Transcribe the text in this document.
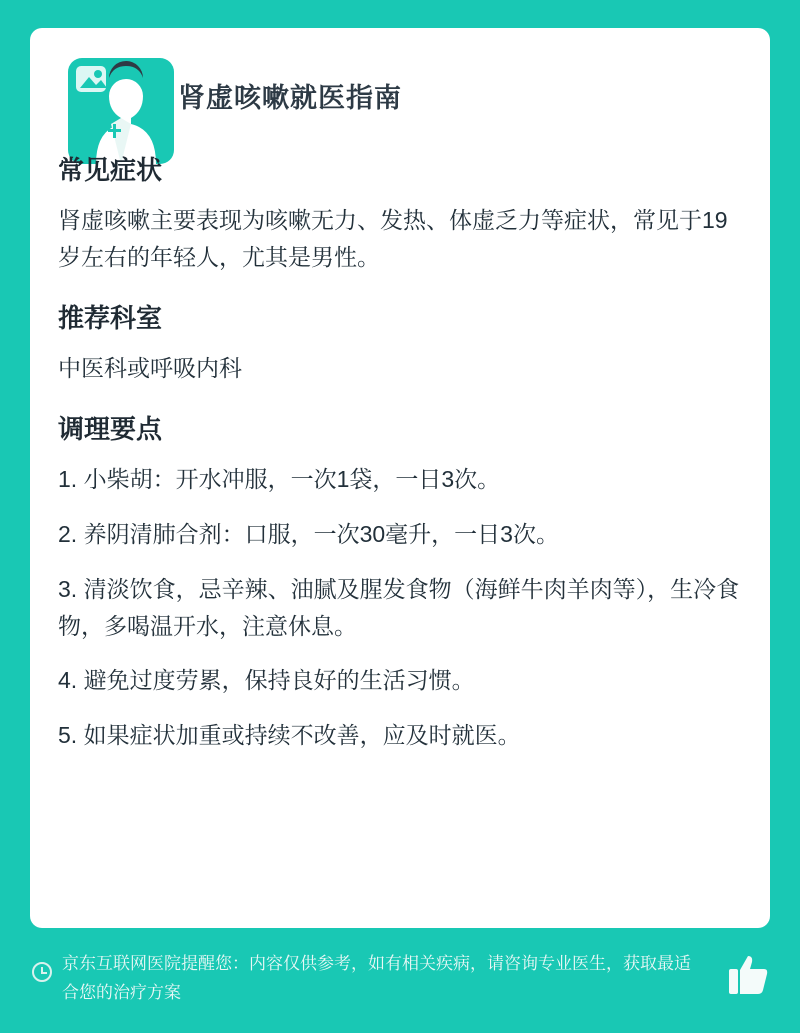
肾虚咳嗽就医指南
常见症状

肾虚咳嗽主要表现为咳嗽无力、发热、体虚乏力等症状，常见于19岁左右的年轻人，尤其是男性。

推荐科室

中医科或呼吸内科

调理要点
1. 小柴胡：开水冲服，一次1袋，一日3次。
2. 养阴清肺合剂：口服，一次30毫升，一日3次。
3. 清淡饮食，忌辛辣、油腻及腥发食物（海鲜牛肉羊肉等），生冷食物，多喝温开水，注意休息。
4. 避免过度劳累，保持良好的生活习惯。
5. 如果症状加重或持续不改善，应及时就医。
京东互联网医院提醒您：内容仅供参考，如有相关疾病，请咨询专业医生，获取最适合您的治疗方案
